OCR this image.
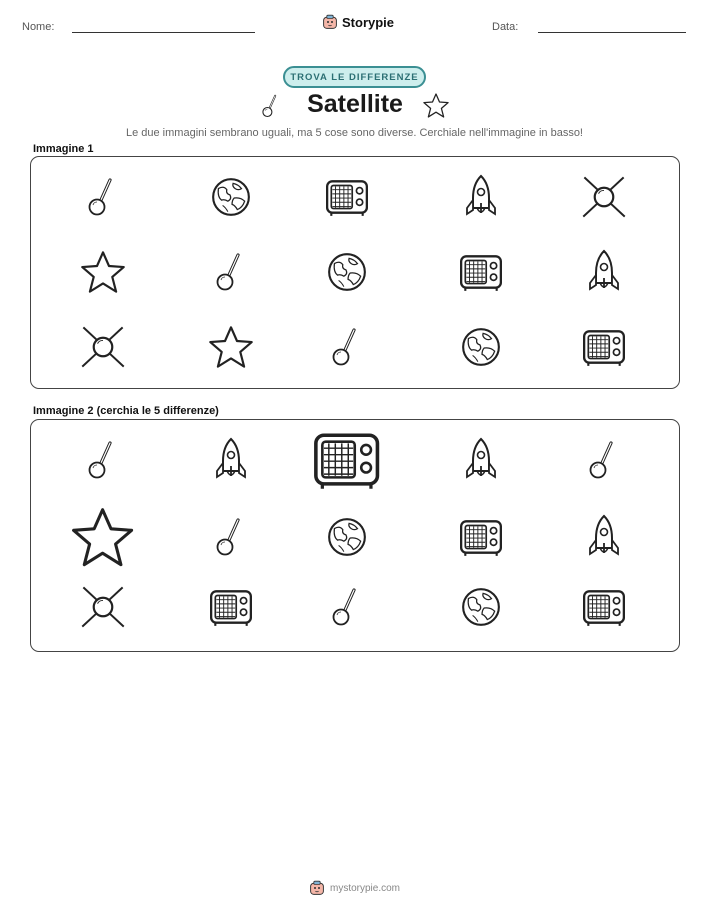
Nome:	Storypie	Data:
TROVA LE DIFFERENZE
Satellite
Le due immagini sembrano uguali, ma 5 cose sono diverse. Cerchiale nell'immagine in basso!
Immagine 1
Immagine 2 (cerchia le 5 differenze)
mystorypie.com
